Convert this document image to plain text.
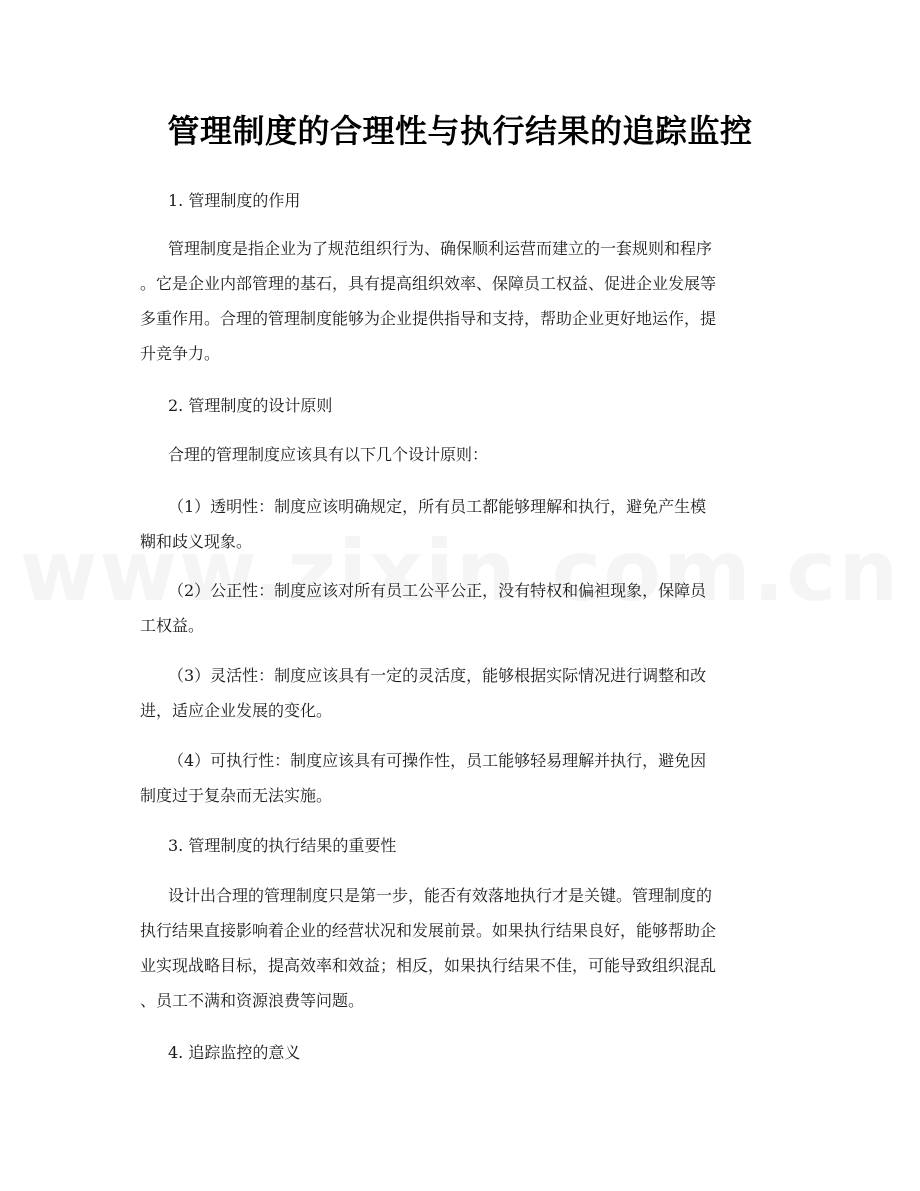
管理制度的合理性与执行结果的追踪监控

1. 管理制度的作用

管理制度是指企业为了规范组织行为、确保顺利运营而建立的一套规则和程序
。它是企业内部管理的基石，具有提高组织效率、保障员工权益、促进企业发展等
多重作用。合理的管理制度能够为企业提供指导和支持，帮助企业更好地运作，提
升竞争力。

2. 管理制度的设计原则

合理的管理制度应该具有以下几个设计原则：

（1）透明性：制度应该明确规定，所有员工都能够理解和执行，避免产生模
糊和歧义现象。

（2）公正性：制度应该对所有员工公平公正，没有特权和偏袒现象，保障员
工权益。

（3）灵活性：制度应该具有一定的灵活度，能够根据实际情况进行调整和改
进，适应企业发展的变化。

（4）可执行性：制度应该具有可操作性，员工能够轻易理解并执行，避免因
制度过于复杂而无法实施。

3. 管理制度的执行结果的重要性

设计出合理的管理制度只是第一步，能否有效落地执行才是关键。管理制度的
执行结果直接影响着企业的经营状况和发展前景。如果执行结果良好，能够帮助企
业实现战略目标，提高效率和效益；相反，如果执行结果不佳，可能导致组织混乱
、员工不满和资源浪费等问题。

4. 追踪监控的意义
